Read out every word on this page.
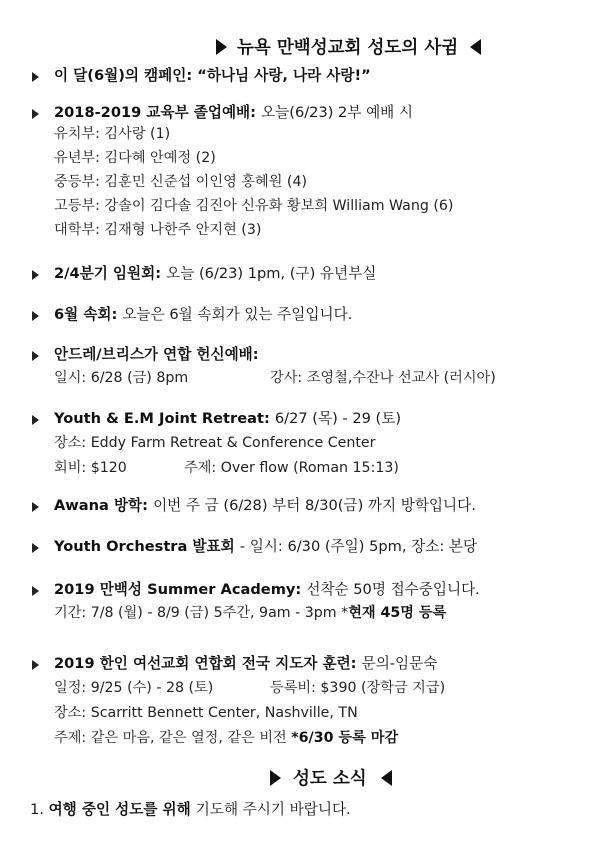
뉴욕 만백성교회 성도의 사귐
이 달(6월)의 캠페인: “하나님 사랑, 나라 사랑!”
2018-2019 교육부 졸업예배: 오늘(6/23) 2부 예배 시
유치부: 김사랑 (1)
유년부: 김다혜 안예정 (2)
중등부: 김훈민 신준섭 이인영 홍혜원 (4)
고등부: 강솔이 김다솔 김진아 신유화 황보희 William Wang (6)
대학부: 김재형 나한주 안지현 (3)
2/4분기 임원회: 오늘 (6/23) 1pm, (구) 유년부실
6월 속회: 오늘은 6월 속회가 있는 주일입니다.
안드레/브리스가 연합 헌신예배:
일시: 6/28 (금) 8pm	강사: 조영철,수잔나 선교사 (러시아)
Youth & E.M Joint Retreat: 6/27 (목) - 29 (토)
장소: Eddy Farm Retreat & Conference Center
회비: $120	주제: Over flow (Roman 15:13)
Awana 방학: 이번 주 금 (6/28) 부터 8/30(금) 까지 방학입니다.
Youth Orchestra 발표회 - 일시: 6/30 (주일) 5pm, 장소: 본당
2019 만백성 Summer Academy: 선착순 50명 접수중입니다.
기간: 7/8 (월) - 8/9 (금) 5주간, 9am - 3pm *현재 45명 등록
2019 한인 여선교회 연합회 전국 지도자 훈련: 문의-임문숙
일정: 9/25 (수) - 28 (토)	등록비: $390 (장학금 지급)
장소: Scarritt Bennett Center, Nashville, TN
주제: 같은 마음, 같은 열정, 같은 비전 *6/30 등록 마감
성도 소식
1. 여행 중인 성도를 위해 기도해 주시기 바랍니다.
